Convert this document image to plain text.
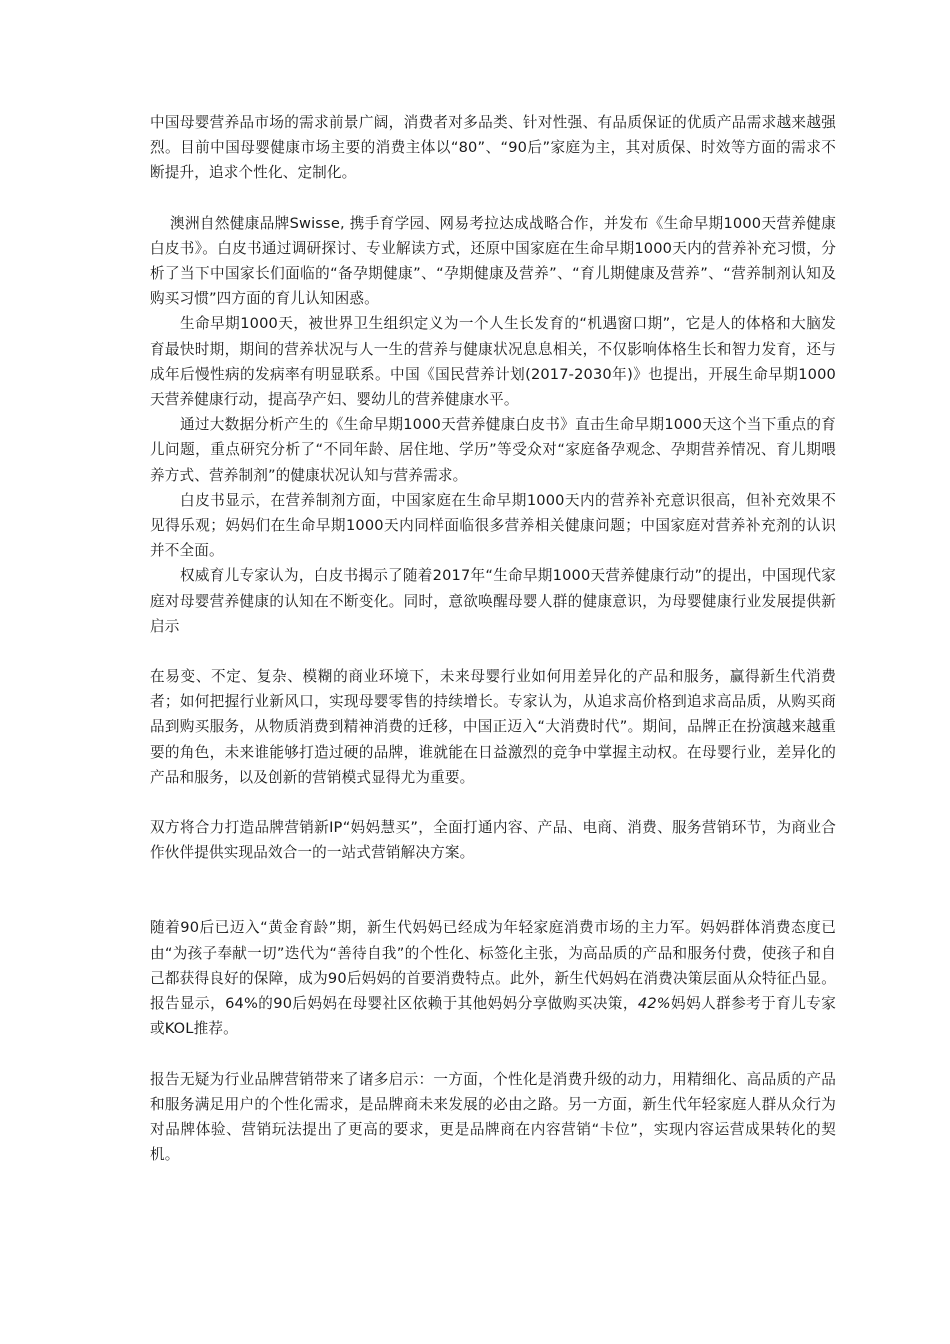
中国母婴营养品市场的需求前景广阔，消费者对多品类、针对性强、有品质保证的优质产品需求越来越强烈。目前中国母婴健康市场主要的消费主体以“80”、“90后”家庭为主，其对质保、时效等方面的需求不断提升，追求个性化、定制化。

澳洲自然健康品牌Swisse, 携手育学园、网易考拉达成战略合作，并发布《生命早期1000天营养健康白皮书》。白皮书通过调研探讨、专业解读方式，还原中国家庭在生命早期1000天内的营养补充习惯，分析了当下中国家长们面临的“备孕期健康”、“孕期健康及营养”、“育儿期健康及营养”、“营养制剂认知及购买习惯”四方面的育儿认知困惑。

生命早期1000天，被世界卫生组织定义为一个人生长发育的“机遇窗口期”，它是人的体格和大脑发育最快时期，期间的营养状况与人一生的营养与健康状况息息相关，不仅影响体格生长和智力发育，还与成年后慢性病的发病率有明显联系。中国《国民营养计划(2017-2030年)》也提出，开展生命早期1000天营养健康行动，提高孕产妇、婴幼儿的营养健康水平。

通过大数据分析产生的《生命早期1000天营养健康白皮书》直击生命早期1000天这个当下重点的育儿问题，重点研究分析了“不同年龄、居住地、学历”等受众对“家庭备孕观念、孕期营养情况、育儿期喂养方式、营养制剂”的健康状况认知与营养需求。

白皮书显示，在营养制剂方面，中国家庭在生命早期1000天内的营养补充意识很高，但补充效果不见得乐观；妈妈们在生命早期1000天内同样面临很多营养相关健康问题；中国家庭对营养补充剂的认识并不全面。

权威育儿专家认为，白皮书揭示了随着2017年“生命早期1000天营养健康行动”的提出，中国现代家庭对母婴营养健康的认知在不断变化。同时，意欲唤醒母婴人群的健康意识，为母婴健康行业发展提供新启示

在易变、不定、复杂、模糊的商业环境下，未来母婴行业如何用差异化的产品和服务，赢得新生代消费者；如何把握行业新风口，实现母婴零售的持续增长。专家认为，从追求高价格到追求高品质，从购买商品到购买服务，从物质消费到精神消费的迁移，中国正迈入“大消费时代”。期间，品牌正在扮演越来越重要的角色，未来谁能够打造过硬的品牌，谁就能在日益激烈的竞争中掌握主动权。在母婴行业，差异化的产品和服务，以及创新的营销模式显得尤为重要。

双方将合力打造品牌营销新IP“妈妈慧买”，全面打通内容、产品、电商、消费、服务营销环节，为商业合作伙伴提供实现品效合一的一站式营销解决方案。

随着90后已迈入“黄金育龄”期，新生代妈妈已经成为年轻家庭消费市场的主力军。妈妈群体消费态度已由“为孩子奉献一切”迭代为“善待自我”的个性化、标签化主张，为高品质的产品和服务付费，使孩子和自己都获得良好的保障，成为90后妈妈的首要消费特点。此外，新生代妈妈在消费决策层面从众特征凸显。报告显示，64%的90后妈妈在母婴社区依赖于其他妈妈分享做购买决策，42%妈妈人群参考于育儿专家或KOL推荐。

报告无疑为行业品牌营销带来了诸多启示：一方面，个性化是消费升级的动力，用精细化、高品质的产品和服务满足用户的个性化需求，是品牌商未来发展的必由之路。另一方面，新生代年轻家庭人群从众行为对品牌体验、营销玩法提出了更高的要求，更是品牌商在内容营销“卡位”，实现内容运营成果转化的契机。
